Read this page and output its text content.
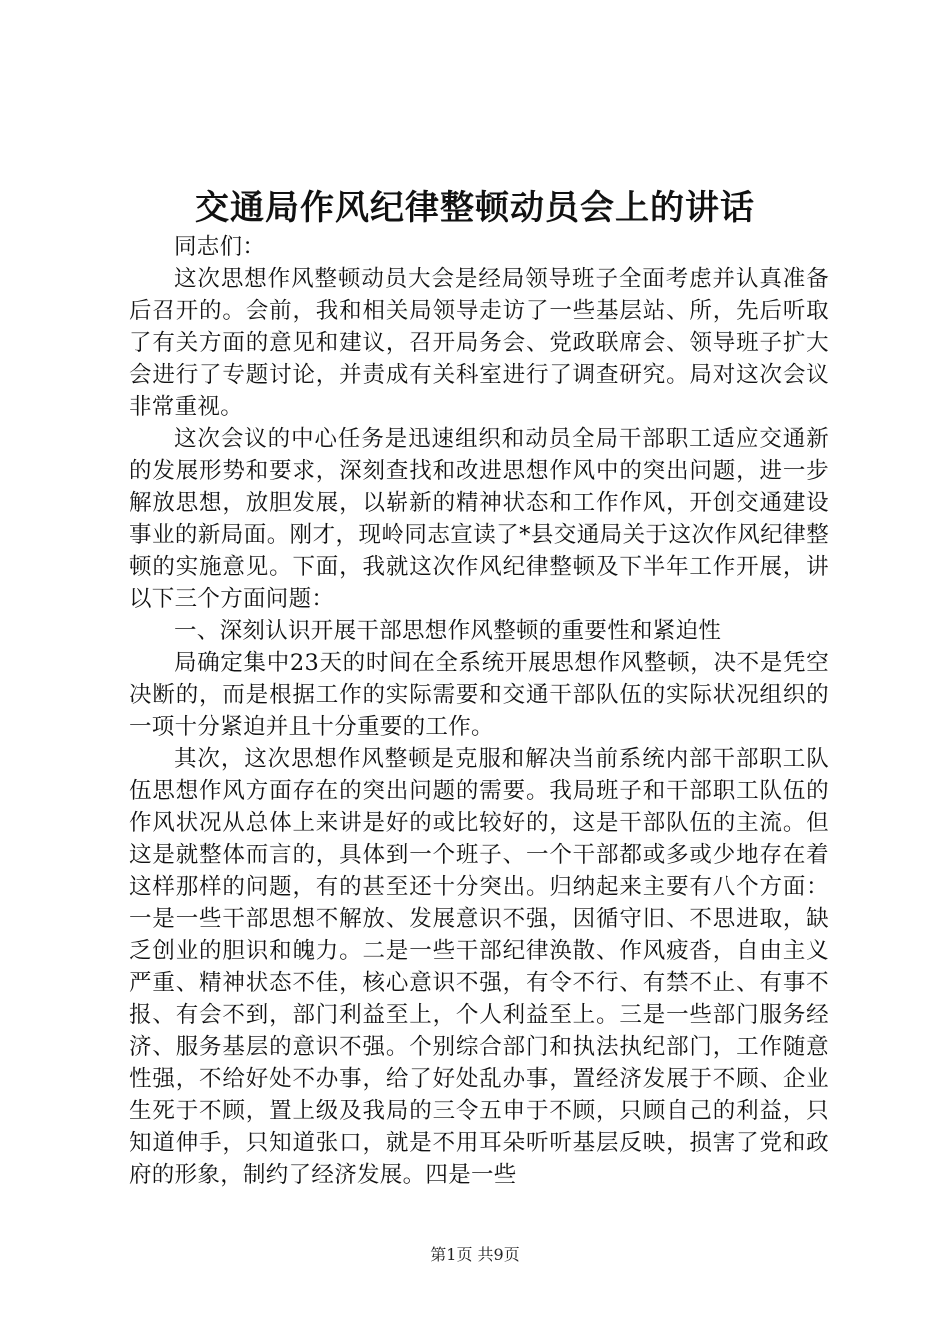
交通局作风纪律整顿动员会上的讲话

同志们：

这次思想作风整顿动员大会是经局领导班子全面考虑并认真准备后召开的。会前，我和相关局领导走访了一些基层站、所，先后听取了有关方面的意见和建议，召开局务会、党政联席会、领导班子扩大会进行了专题讨论，并责成有关科室进行了调查研究。局对这次会议非常重视。

这次会议的中心任务是迅速组织和动员全局干部职工适应交通新的发展形势和要求，深刻查找和改进思想作风中的突出问题，进一步解放思想，放胆发展，以崭新的精神状态和工作作风，开创交通建设事业的新局面。刚才，现岭同志宣读了*县交通局关于这次作风纪律整顿的实施意见。下面，我就这次作风纪律整顿及下半年工作开展，讲以下三个方面问题：

一、深刻认识开展干部思想作风整顿的重要性和紧迫性

局确定集中23天的时间在全系统开展思想作风整顿，决不是凭空决断的，而是根据工作的实际需要和交通干部队伍的实际状况组织的一项十分紧迫并且十分重要的工作。

其次，这次思想作风整顿是克服和解决当前系统内部干部职工队伍思想作风方面存在的突出问题的需要。我局班子和干部职工队伍的作风状况从总体上来讲是好的或比较好的，这是干部队伍的主流。但这是就整体而言的，具体到一个班子、一个干部都或多或少地存在着这样那样的问题，有的甚至还十分突出。归纳起来主要有八个方面：一是一些干部思想不解放、发展意识不强，因循守旧、不思进取，缺乏创业的胆识和魄力。二是一些干部纪律涣散、作风疲沓，自由主义严重、精神状态不佳，核心意识不强，有令不行、有禁不止、有事不报、有会不到，部门利益至上，个人利益至上。三是一些部门服务经济、服务基层的意识不强。个别综合部门和执法执纪部门，工作随意性强，不给好处不办事，给了好处乱办事，置经济发展于不顾、企业生死于不顾，置上级及我局的三令五申于不顾，只顾自己的利益，只知道伸手，只知道张口，就是不用耳朵听听基层反映，损害了党和政府的形象，制约了经济发展。四是一些

第1页 共9页
